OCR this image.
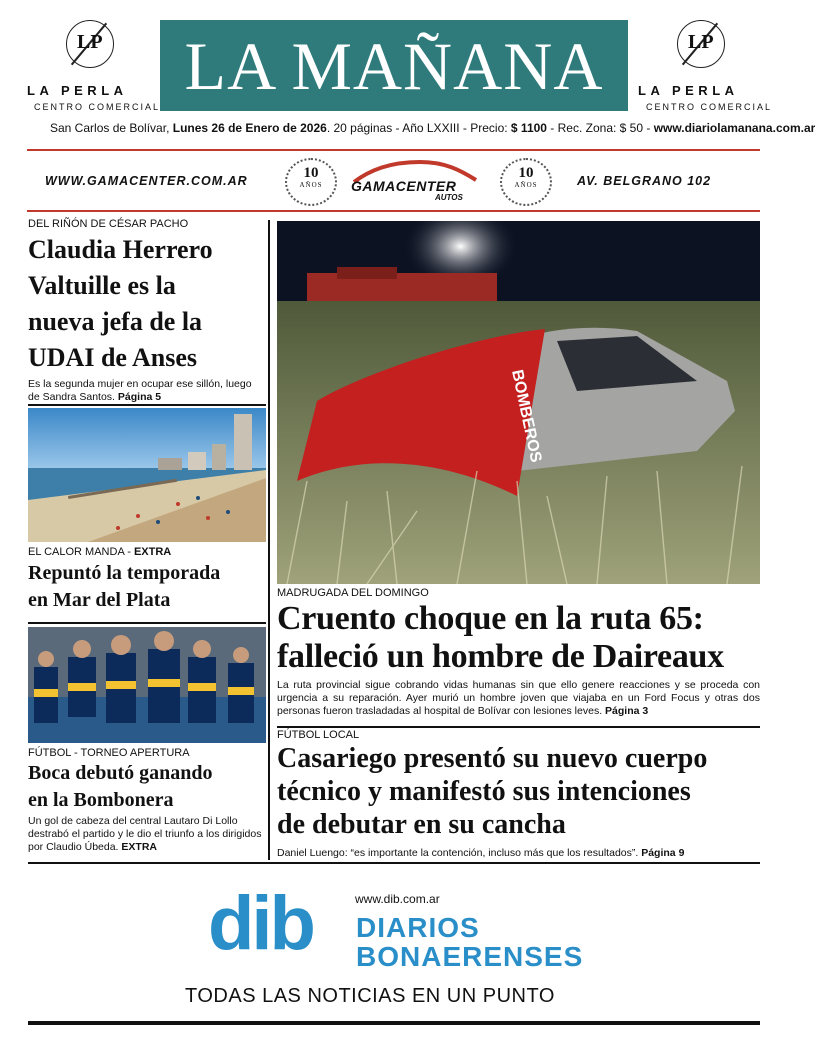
LP
LA PERLA
CENTRO COMERCIAL
LA MAÑANA	LP
LA PERLA
CENTRO COMERCIAL
San Carlos de Bolívar, Lunes 26 de Enero de 2026. 20 páginas - Año LXXIII - Precio: $ 1100 - Rec. Zona: $ 50 - www.diariolamanana.com.ar
WWW.GAMACENTER.COM.AR	10
AÑOS	GAMACENTER
AUTOS
10
AÑOS	AV. BELGRANO 102
DEL RIÑÓN DE CÉSAR PACHO
Claudia Herrero
Valtuille es la
nueva jefa de la
UDAI de Anses
Es la segunda mujer en ocupar ese sillón, luego de Sandra Santos. Página 5
EL CALOR MANDA - EXTRA
Repuntó la temporada
en Mar del Plata
FÚTBOL - TORNEO APERTURA
Boca debutó ganando
en la Bombonera
Un gol de cabeza del central Lautaro Di Lollo destrabó el partido y le dio el triunfo a los dirigidos por Claudio Úbeda. EXTRA
BOMBEROS
MADRUGADA DEL DOMINGO
Cruento choque en la ruta 65:
falleció un hombre de Daireaux
La ruta provincial sigue cobrando vidas humanas sin que ello genere reacciones y se proceda con urgencia a su reparación. Ayer murió un hombre joven que viajaba en un Ford Focus y otras dos personas fueron trasladadas al hospital de Bolívar con lesiones leves. Página 3
FÚTBOL LOCAL
Casariego presentó su nuevo cuerpo
técnico y manifestó sus intenciones
de debutar en su cancha
Daniel Luengo: “es importante la contención, incluso más que los resultados”. Página 9
www.dib.com.ar
dib DIARIOS
BONAERENSES
TODAS LAS NOTICIAS EN UN PUNTO
